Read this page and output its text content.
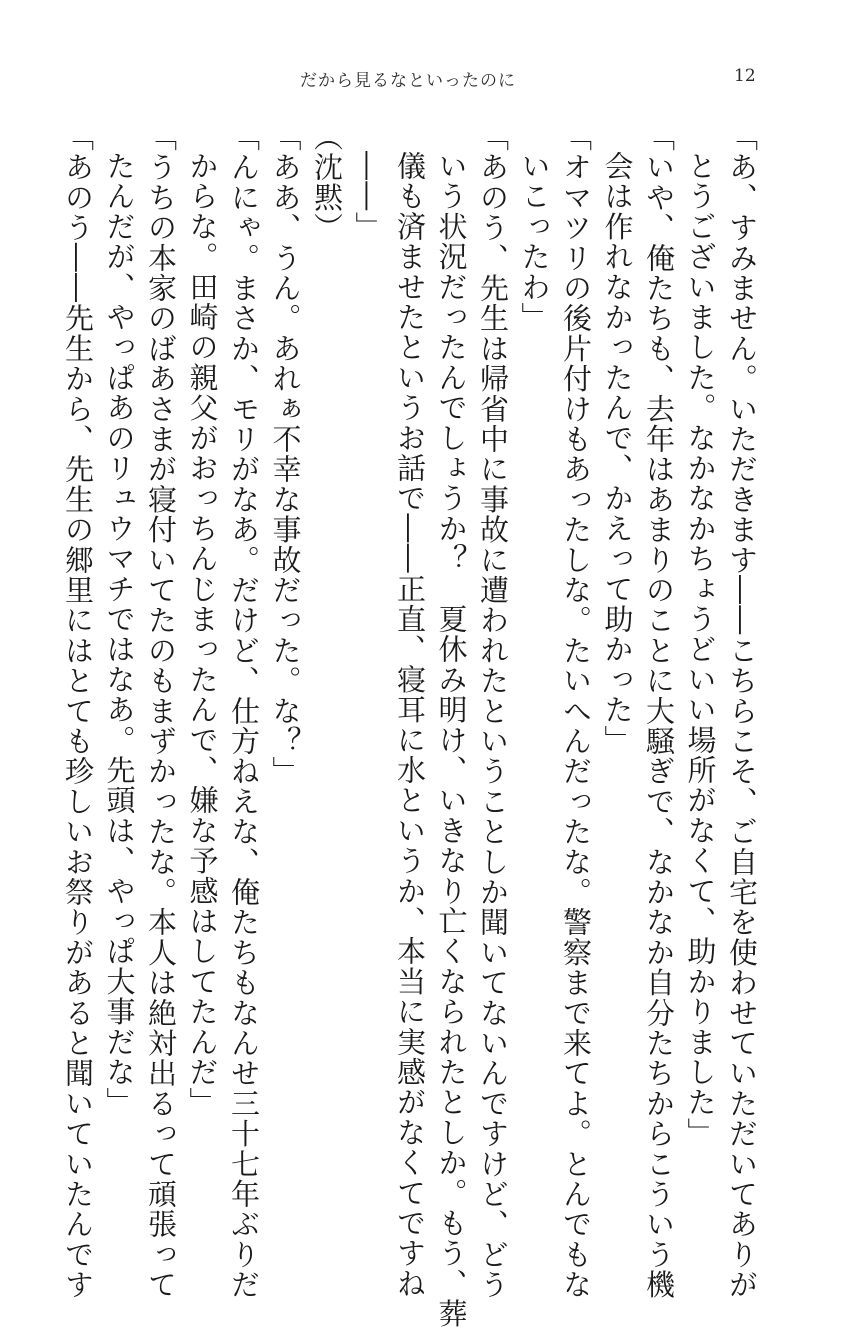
だから見るなといったのに	12
「あ、すみません。いただきます――こちらこそ、ご自宅を使わせていただいてありが
とうございました。なかなかちょうどいい場所がなくて、助かりました」
「いや、俺たちも、去年はあまりのことに大騒ぎで、なかなか自分たちからこういう機
会は作れなかったんで、かえって助かった」
「オマツリの後片付けもあったしな。たいへんだったな。警察まで来てよ。とんでもな
いこったわ」
「あのう、先生は帰省中に事故に遭われたということしか聞いてないんですけど、どう
いう状況だったんでしょうか？　夏休み明け、いきなり亡くなられたとしか。もう、葬
儀も済ませたというお話で――正直、寝耳に水というか、本当に実感がなくてですね
――」
（沈黙）
「ああ、うん。あれぁ不幸な事故だった。な？」
「んにゃ。まさか、モリがなあ。だけど、仕方ねえな、俺たちもなんせ三十七年ぶりだ
からな。田崎の親父がおっちんじまったんで、嫌な予感はしてたんだ」
「うちの本家のばあさまが寝付いてたのもまずかったな。本人は絶対出るって頑張って
たんだが、やっぱあのリュウマチではなあ。先頭は、やっぱ大事だな」
「あのう――先生から、先生の郷里にはとても珍しいお祭りがあると聞いていたんです
